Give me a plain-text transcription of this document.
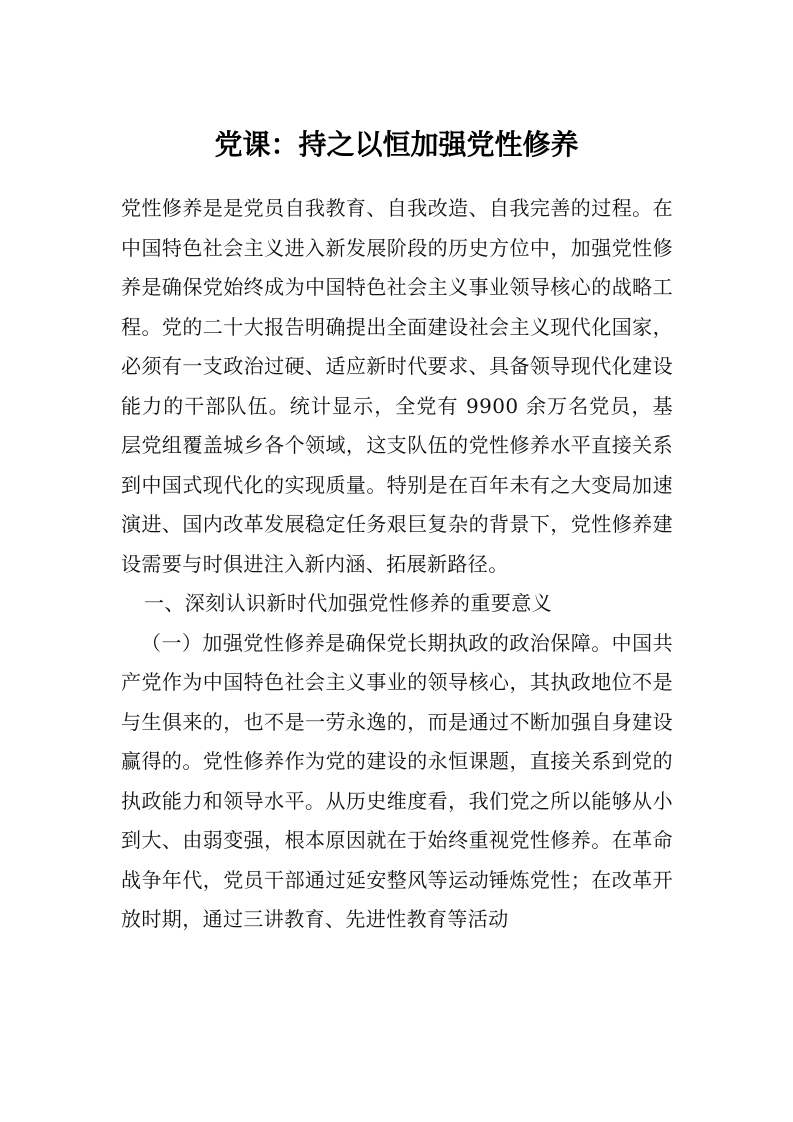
党课：持之以恒加强党性修养

党性修养是是党员自我教育、自我改造、自我完善的过程。在中国特色社会主义进入新发展阶段的历史方位中，加强党性修养是确保党始终成为中国特色社会主义事业领导核心的战略工程。党的二十大报告明确提出全面建设社会主义现代化国家，必须有一支政治过硬、适应新时代要求、具备领导现代化建设能力的干部队伍。统计显示，全党有 9900 余万名党员，基层党组覆盖城乡各个领域，这支队伍的党性修养水平直接关系到中国式现代化的实现质量。特别是在百年未有之大变局加速演进、国内改革发展稳定任务艰巨复杂的背景下，党性修养建设需要与时俱进注入新内涵、拓展新路径。

一、深刻认识新时代加强党性修养的重要意义

（一）加强党性修养是确保党长期执政的政治保障。中国共产党作为中国特色社会主义事业的领导核心，其执政地位不是与生俱来的，也不是一劳永逸的，而是通过不断加强自身建设赢得的。党性修养作为党的建设的永恒课题，直接关系到党的执政能力和领导水平。从历史维度看，我们党之所以能够从小到大、由弱变强，根本原因就在于始终重视党性修养。在革命战争年代，党员干部通过延安整风等运动锤炼党性；在改革开放时期，通过三讲教育、先进性教育等活动
